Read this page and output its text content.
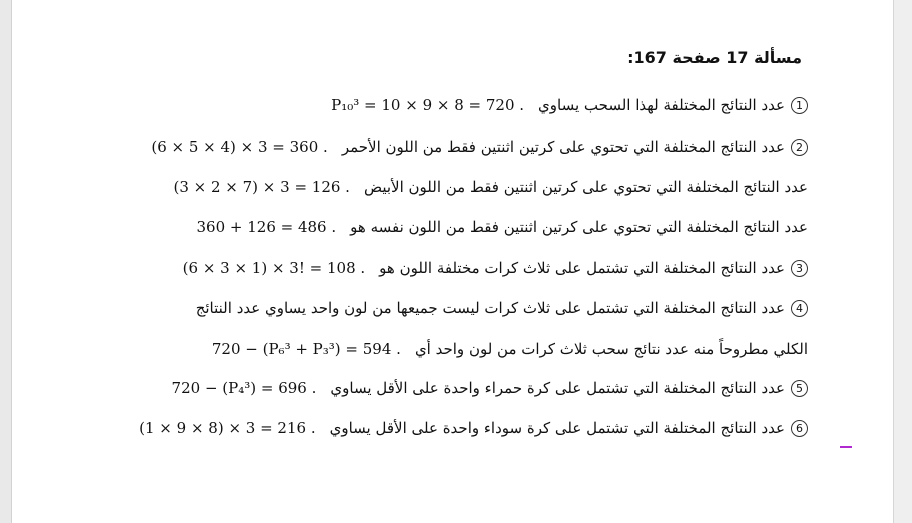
مسألة 17 صفحة 167:
1عدد النتائج المختلفة لهذا السحب يساويP₁₀³ = 10 × 9 × 8 = 720 .
2عدد النتائج المختلفة التي تحتوي على كرتين اثنتين فقط من اللون الأحمر(6 × 5 × 4) × 3 = 360 .
عدد النتائج المختلفة التي تحتوي على كرتين اثنتين فقط من اللون الأبيض(3 × 2 × 7) × 3 = 126 .
عدد النتائج المختلفة التي تحتوي على كرتين اثنتين فقط من اللون نفسه هو360 + 126 = 486 .
3عدد النتائج المختلفة التي تشتمل على ثلاث كرات مختلفة اللون هو(6 × 3 × 1) × 3! = 108 .
4عدد النتائج المختلفة التي تشتمل على ثلاث كرات ليست جميعها من لون واحد يساوي عدد النتائج
الكلي مطروحاً منه عدد نتائج سحب ثلاث كرات من لون واحد أي720 − (P₆³ + P₃³) = 594 .
5عدد النتائج المختلفة التي تشتمل على كرة حمراء واحدة على الأقل يساوي720 − (P₄³) = 696 .
6عدد النتائج المختلفة التي تشتمل على كرة سوداء واحدة على الأقل يساوي(1 × 9 × 8) × 3 = 216 .
